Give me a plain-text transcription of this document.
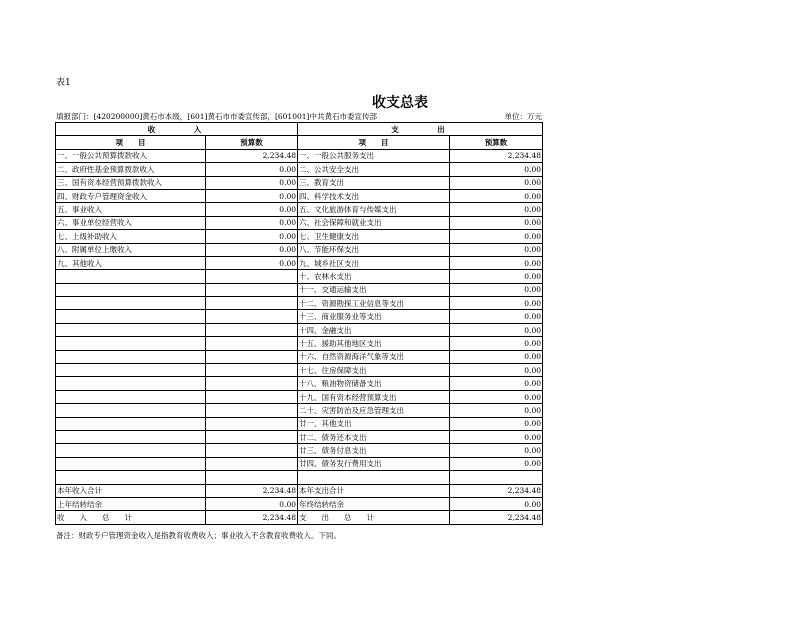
表1
收支总表
填报部门：[420200000]黄石市本级，[601]黄石市市委宣传部，[601001]中共黄石市委宣传部	单位：万元
收　　　入		支　　　出	
项　　目	预算数	项　　目	预算数
一、一般公共预算拨款收入	2,234.48	一、一般公共服务支出	2,234.48
二、政府性基金预算拨款收入	0.00	二、公共安全支出	0.00
三、国有资本经营预算拨款收入	0.00	三、教育支出	0.00
四、财政专户管理资金收入	0.00	四、科学技术支出	0.00
五、事业收入	0.00	五、文化旅游体育与传媒支出	0.00
六、事业单位经营收入	0.00	六、社会保障和就业支出	0.00
七、上级补助收入	0.00	七、卫生健康支出	0.00
八、附属单位上缴收入	0.00	八、节能环保支出	0.00
九、其他收入	0.00	九、城乡社区支出	0.00
		十、农林水支出	0.00
		十一、交通运输支出	0.00
		十二、资源勘探工业信息等支出	0.00
		十三、商业服务业等支出	0.00
		十四、金融支出	0.00
		十五、援助其他地区支出	0.00
		十六、自然资源海洋气象等支出	0.00
		十七、住房保障支出	0.00
		十八、粮油物资储备支出	0.00
		十九、国有资本经营预算支出	0.00
		二十、灾害防治及应急管理支出	0.00
		廿一、其他支出	0.00
		廿二、债务还本支出	0.00
		廿三、债务付息支出	0.00
		廿四、债务发行费用支出	0.00

本年收入合计	2,234.48	本年支出合计	2,234.48
上年结转结余	0.00	年终结转结余	0.00
收　　入　　总　　计	2,234.48	支　　出　　总　　计	2,234.48
备注：财政专户管理资金收入是指教育收费收入；事业收入不含教育收费收入。下同。
